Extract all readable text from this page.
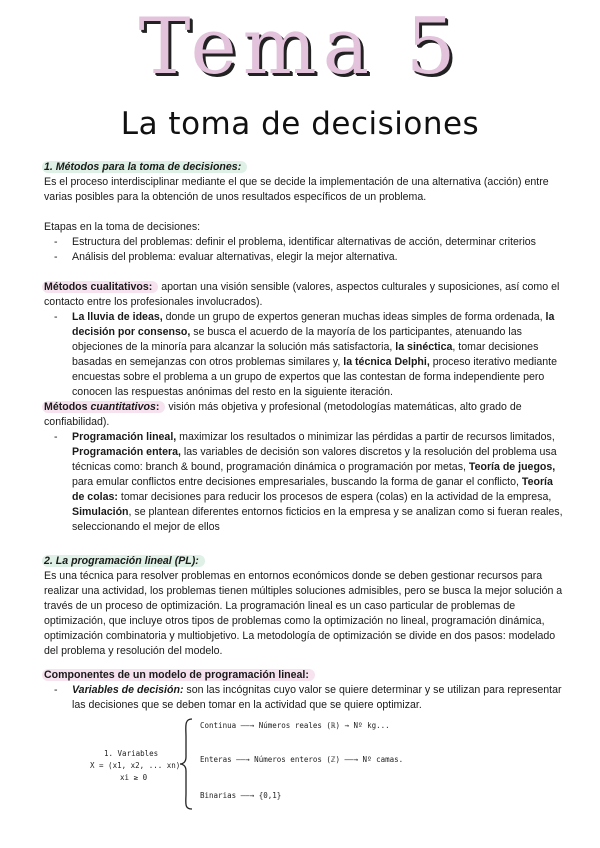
Tema 5
La toma de decisiones

1. Métodos para la toma de decisiones:

Es el proceso interdisciplinar mediante el que se decide la implementación de una alternativa (acción) entre varias posibles para la obtención de unos resultados específicos de un problema.

Etapas en la toma de decisiones:

- Estructura del problemas: definir el problema, identificar alternativas de acción, determinar criterios
- Análisis del problema: evaluar alternativas, elegir la mejor alternativa.

Métodos cualitativos: aportan una visión sensible (valores, aspectos culturales y suposiciones, así como el contacto entre los profesionales involucrados).

- La lluvia de ideas, donde un grupo de expertos generan muchas ideas simples de forma ordenada, la decisión por consenso, se busca el acuerdo de la mayoría de los participantes, atenuando las objeciones de la minoría para alcanzar la solución más satisfactoria, la sinéctica, tomar decisiones basadas en semejanzas con otros problemas similares y, la técnica Delphi, proceso iterativo mediante encuestas sobre el problema a un grupo de expertos que las contestan de forma independiente pero conocen las respuestas anónimas del resto en la siguiente iteración.

Métodos cuantitativos: visión más objetiva y profesional (metodologías matemáticas, alto grado de confiabilidad).

- Programación lineal, maximizar los resultados o minimizar las pérdidas a partir de recursos limitados, Programación entera, las variables de decisión son valores discretos y la resolución del problema usa técnicas como: branch & bound, programación dinámica o programación por metas, Teoría de juegos, para emular conflictos entre decisiones empresariales, buscando la forma de ganar el conflicto, Teoría de colas: tomar decisiones para reducir los procesos de espera (colas) en la actividad de la empresa, Simulación, se plantean diferentes entornos ficticios en la empresa y se analizan como si fueran reales, seleccionando el mejor de ellos

2. La programación lineal (PL):

Es una técnica para resolver problemas en entornos económicos donde se deben gestionar recursos para realizar una actividad, los problemas tienen múltiples soluciones admisibles, pero se busca la mejor solución a través de un proceso de optimización. La programación lineal es un caso particular de problemas de optimización, que incluye otros tipos de problemas como la optimización no lineal, programación dinámica, optimización combinatoria y multiobjetivo. La metodología de optimización se divide en dos pasos: modelado del problema y resolución del modelo.

Componentes de un modelo de programación lineal:

- Variables de decisión: son las incógnitas cuyo valor se quiere determinar y se utilizan para representar las decisiones que se deben tomar en la actividad que se quiere optimizar.
1. Variables
X = (x1, x2, ... xn)
xi ≥ 0
Continua ——→ Números reales (ℝ) → Nº kg...
Enteras ——→ Números enteros (ℤ) ——→ Nº camas.
Binarias ——→ {0,1}
